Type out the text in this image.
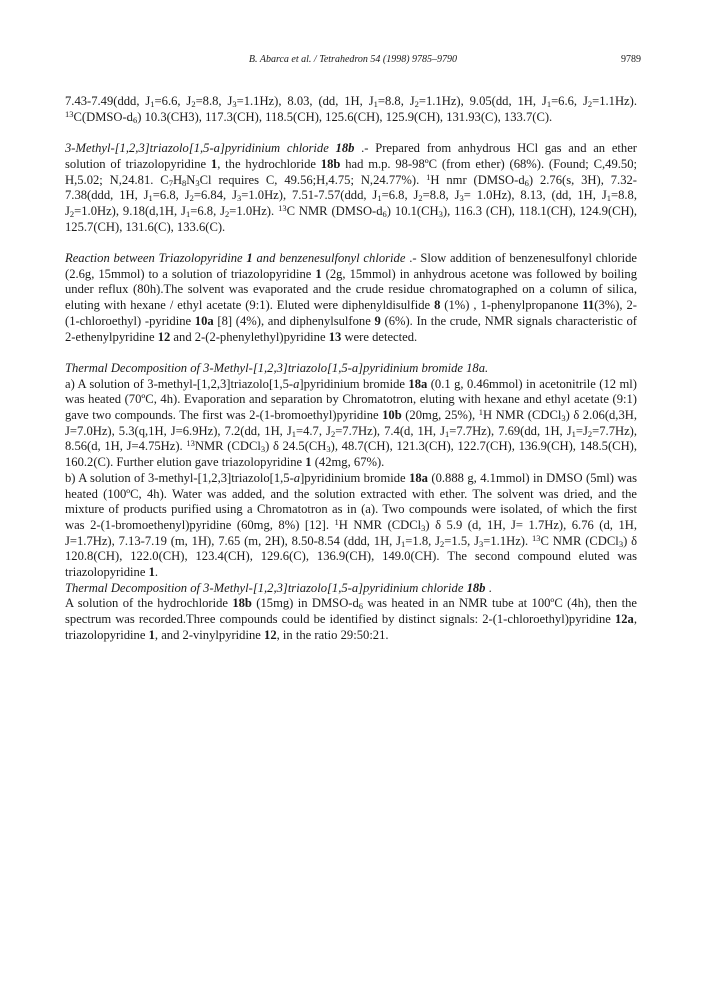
B. Abarca et al. / Tetrahedron 54 (1998) 9785–9790	9789

7.43-7.49(ddd, $J_1=6.6$, $J_2=8.8$, $J_3=1.1Hz$), 8.03, (dd, 1H, $J_1=8.8$, $J_2=1.1Hz$), 9.05(dd, 1H, $J_1=6.6$, $J_2=1.1Hz$). $^{13}C(DMSO-d_6)$ 10.3(CH3), 117.3(CH), 118.5(CH), 125.6(CH), 125.9(CH), 131.93(C), 133.7(C).

3-Methyl-[1,2,3]triazolo[1,5-a]pyridinium chloride 18b .- Prepared from anhydrous HCl gas and an ether solution of triazolopyridine 1, the hydrochloride 18b had m.p. 98-98ºC (from ether) (68%). (Found; C,49.50; H,5.02; N,24.81. $C_7H_8N_3Cl$ requires C, 49.56;H,4.75; N,24.77%). $^1$H nmr $(DMSO-d_6)$ 2.76(s, 3H), 7.32-7.38(ddd, 1H, $J_1=6.8$, $J_2=6.84$, $J_3=1.0Hz$), 7.51-7.57(ddd, $J_1=6.8$, $J_2=8.8$, $J_3= 1.0Hz$), 8.13, (dd, 1H, $J_1=8.8$, $J_2=1.0Hz$), 9.18(d,1H, $J_1=6.8$, $J_2=1.0Hz$). $^{13}$C NMR $(DMSO-d_6)$ $10.1(CH_3)$, 116.3 (CH), 118.1(CH), 124.9(CH), 125.7(CH), 131.6(C), 133.6(C).

Reaction between Triazolopyridine 1 and benzenesulfonyl chloride .- Slow addition of benzenesulfonyl chloride (2.6g, 15mmol) to a solution of triazolopyridine 1 (2g, 15mmol) in anhydrous acetone was followed by boiling under reflux (80h).The solvent was evaporated and the crude residue chromatographed on a column of silica, eluting with hexane / ethyl acetate (9:1). Eluted were diphenyldisulfide 8 (1%) , 1-phenylpropanone 11(3%), 2-(1-chloroethyl) -pyridine 10a [8] (4%), and diphenylsulfone 9 (6%). In the crude, NMR signals characteristic of 2-ethenylpyridine 12 and 2-(2-phenylethyl)pyridine 13 were detected.

Thermal Decomposition of 3-Methyl-[1,2,3]triazolo[1,5-a]pyridinium bromide 18a.

a) A solution of 3-methyl-[1,2,3]triazolo[1,5-a]pyridinium bromide 18a (0.1 g, 0.46mmol) in acetonitrile (12 ml) was heated (70ºC, 4h). Evaporation and separation by Chromatotron, eluting with hexane and ethyl acetate (9:1) gave two compounds. The first was 2-(1-bromoethyl)pyridine 10b (20mg, 25%), $^1$H NMR (CDCl$_3$) δ 2.06(d,3H, J=7.0Hz), 5.3(q,1H, J=6.9Hz), 7.2(dd, 1H, $J_1=4.7$, $J_2=7.7Hz$), 7.4(d, 1H, $J_1=7.7Hz$), 7.69(dd, 1H, $J_1=J_2=7.7Hz$), 8.56(d, 1H, J=4.75Hz). $^{13}$NMR (CDCl$_3$) δ $24.5(CH_3)$, 48.7(CH), 121.3(CH), 122.7(CH), 136.9(CH), 148.5(CH), 160.2(C). Further elution gave triazolopyridine 1 (42mg, 67%).

b) A solution of 3-methyl-[1,2,3]triazolo[1,5-a]pyridinium bromide 18a (0.888 g, 4.1mmol) in DMSO (5ml) was heated (100ºC, 4h). Water was added, and the solution extracted with ether. The solvent was dried, and the mixture of products purified using a Chromatotron as in (a). Two compounds were isolated, of which the first was 2-(1-bromoethenyl)pyridine (60mg, 8%) [12]. $^1$H NMR (CDCl$_3$) δ 5.9 (d, 1H, J= 1.7Hz), 6.76 (d, 1H, J=1.7Hz), 7.13-7.19 (m, 1H), 7.65 (m, 2H), 8.50-8.54 (ddd, 1H, $J_1=1.8$, $J_2=1.5$, $J_3=1.1Hz$). $^{13}$C NMR (CDCl$_3$) δ 120.8(CH), 122.0(CH), 123.4(CH), 129.6(C), 136.9(CH), 149.0(CH). The second compound eluted was triazolopyridine 1.

Thermal Decomposition of 3-Methyl-[1,2,3]triazolo[1,5-a]pyridinium chloride 18b .

A solution of the hydrochloride 18b (15mg) in DMSO-$d_6$ was heated in an NMR tube at 100ºC (4h), then the spectrum was recorded.Three compounds could be identified by distinct signals: 2-(1-chloroethyl)pyridine 12a, triazolopyridine 1, and 2-vinylpyridine 12, in the ratio 29:50:21.
